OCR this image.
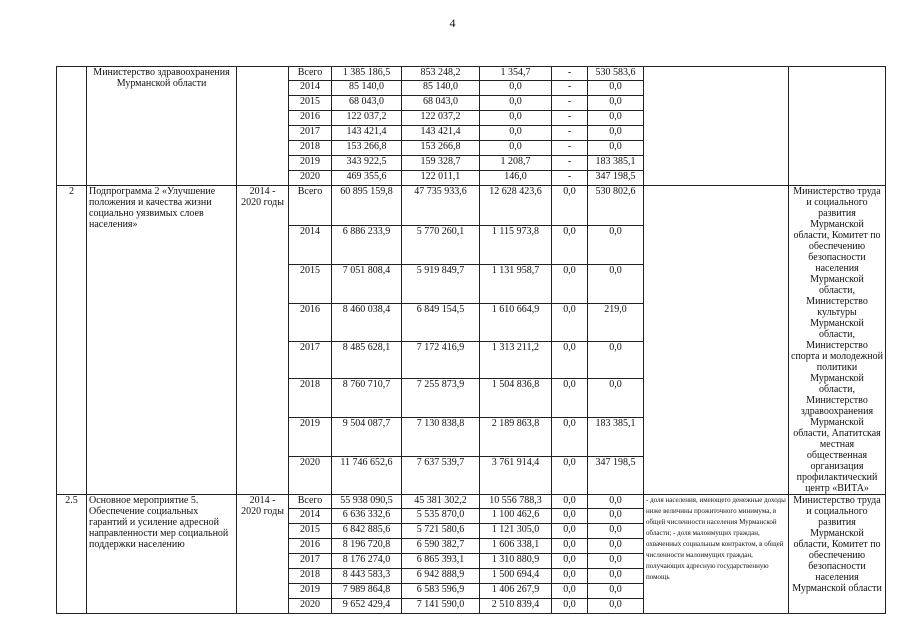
4
	Министерство здравоохранения Мурманской области		Всего	1 385 186,5	853 248,2	1 354,7	-	530 583,6		
			2014	85 140,0	85 140,0	0,0	-	0,0		
			2015	68 043,0	68 043,0	0,0	-	0,0		
			2016	122 037,2	122 037,2	0,0	-	0,0		
			2017	143 421,4	143 421,4	0,0	-	0,0		
			2018	153 266,8	153 266,8	0,0	-	0,0		
			2019	343 922,5	159 328,7	1 208,7	-	183 385,1		
			2020	469 355,6	122 011,1	146,0	-	347 198,5		
2	Подпрограмма 2 «Улучшение положения и качества жизни социально уязвимых слоев населения»	2014 - 2020 годы	Всего	60 895 159,8	47 735 933,6	12 628 423,6	0,0	530 802,6		Министерство труда и социального развития Мурманской области, Комитет по обеспечению безопасности населения Мурманской области, Министерство культуры Мурманской области, Министерство спорта и молодежной политики Мурманской области, Министерство здравоохранения Мурманской области, Апатитская местная общественная организация профилактический центр «ВИТА»
			2014	6 886 233,9	5 770 260,1	1 115 973,8	0,0	0,0		
			2015	7 051 808,4	5 919 849,7	1 131 958,7	0,0	0,0		
			2016	8 460 038,4	6 849 154,5	1 610 664,9	0,0	219,0		
			2017	8 485 628,1	7 172 416,9	1 313 211,2	0,0	0,0		
			2018	8 760 710,7	7 255 873,9	1 504 836,8	0,0	0,0		
			2019	9 504 087,7	7 130 838,8	2 189 863,8	0,0	183 385,1		
			2020	11 746 652,6	7 637 539,7	3 761 914,4	0,0	347 198,5		
2.5	Основное мероприятие 5. Обеспечение социальных гарантий и усиление адресной направленности мер социальной поддержки населению	2014 - 2020 годы	Всего	55 938 090,5	45 381 302,2	10 556 788,3	0,0	0,0	- доля населения, имеющего денежные доходы ниже величины прожиточного минимума, в общей численности населения Мурманской области; - доля малоимущих граждан, охваченных социальным контрактом, в общей численности малоимущих граждан, получающих адресную государственную помощь	Министерство труда и социального развития Мурманской области, Комитет по обеспечению безопасности населения Мурманской области
			2014	6 636 332,6	5 535 870,0	1 100 462,6	0,0	0,0		
			2015	6 842 885,6	5 721 580,6	1 121 305,0	0,0	0,0		
			2016	8 196 720,8	6 590 382,7	1 606 338,1	0,0	0,0		
			2017	8 176 274,0	6 865 393,1	1 310 880,9	0,0	0,0		
			2018	8 443 583,3	6 942 888,9	1 500 694,4	0,0	0,0		
			2019	7 989 864,8	6 583 596,9	1 406 267,9	0,0	0,0		
			2020	9 652 429,4	7 141 590,0	2 510 839,4	0,0	0,0		
